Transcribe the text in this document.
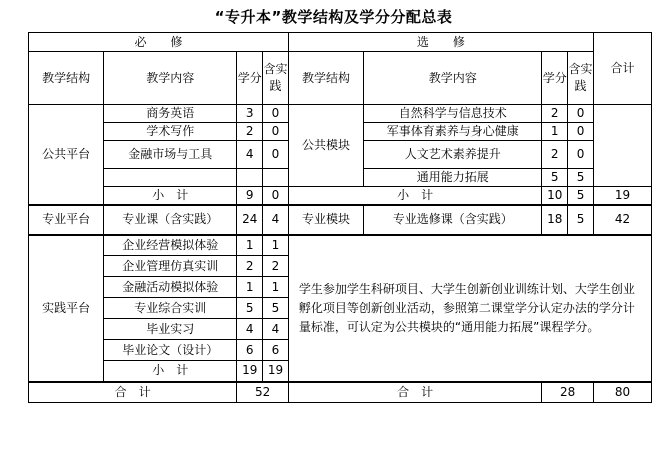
“专升本”教学结构及学分分配总表
必　　修				选　　修				合计
教学结构	教学内容	学分	含实践	教学结构	教学内容	学分	含实践	
公共平台	商务英语	3	0	公共模块	自然科学与信息技术	2	0	
	学术写作	2	0		军事体育素养与身心健康	1	0	
	金融市场与工具	4	0		人文艺术素养提升	2	0	
					通用能力拓展	5	5	
	小　计	9	0	小　计		10	5	19
专业平台	专业课（含实践）	24	4	专业模块	专业选修课（含实践）	18	5	42
实践平台	企业经营模拟体验	1	1	学生参加学生科研项目、大学生创新创业训练计划、大学生创业孵化项目等创新创业活动，参照第二课堂学分认定办法的学分计量标准，可认定为公共模块的“通用能力拓展”课程学分。				
	企业管理仿真实训	2	2					
	金融活动模拟体验	1	1					
	专业综合实训	5	5					
	毕业实习	4	4					
	毕业论文（设计）	6	6					
	小　计	19	19					
合　计		52		合　计		28		80
